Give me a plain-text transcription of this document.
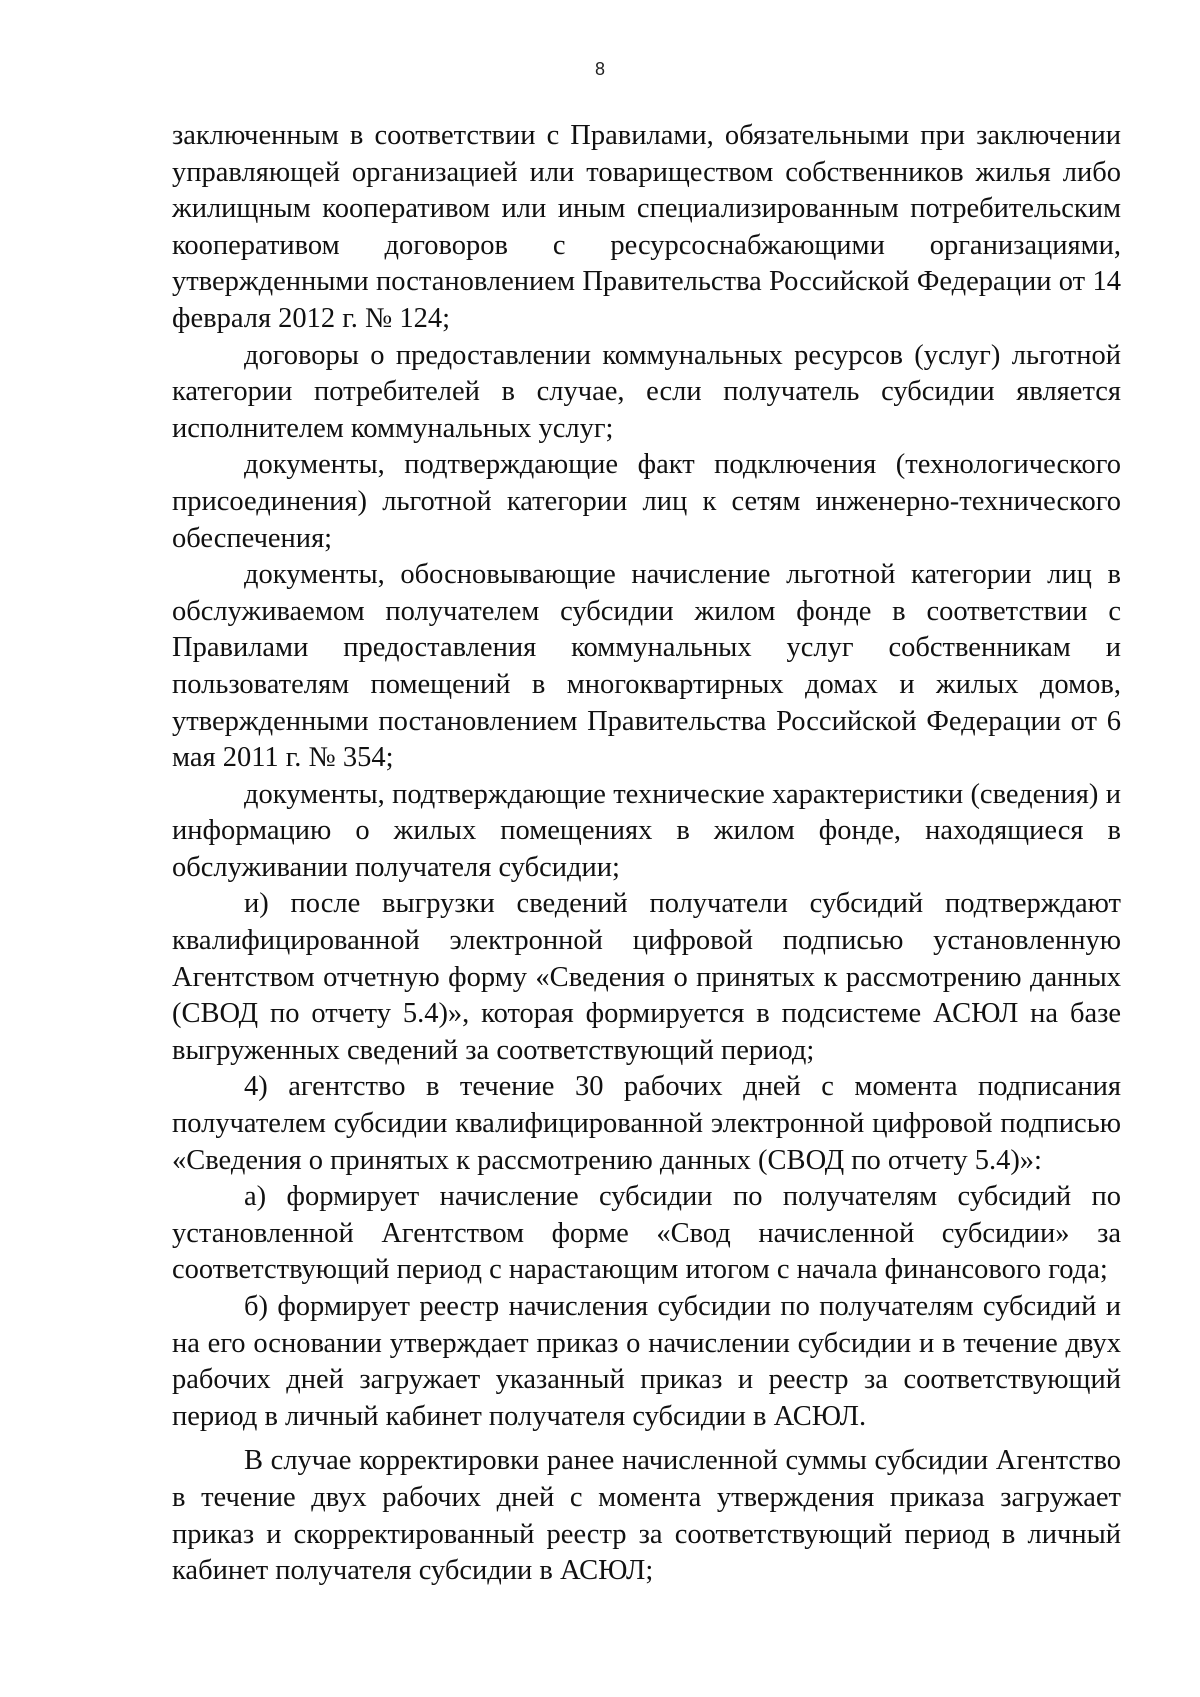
8

заключенным в соответствии с Правилами, обязательными при заключении управляющей организацией или товариществом собственников жилья либо жилищным кооперативом или иным специализированным потребительским кооперативом договоров с ресурсоснабжающими организациями, утвержденными постановлением Правительства Российской Федерации от 14 февраля 2012 г. № 124;

договоры о предоставлении коммунальных ресурсов (услуг) льготной категории потребителей в случае, если получатель субсидии является исполнителем коммунальных услуг;

документы, подтверждающие факт подключения (технологического присоединения) льготной категории лиц к сетям инженерно-технического обеспечения;

документы, обосновывающие начисление льготной категории лиц в обслуживаемом получателем субсидии жилом фонде в соответствии с Правилами предоставления коммунальных услуг собственникам и пользователям помещений в многоквартирных домах и жилых домов, утвержденными постановлением Правительства Российской Федерации от 6 мая 2011 г. № 354;

документы, подтверждающие технические характеристики (сведения) и информацию о жилых помещениях в жилом фонде, находящиеся в обслуживании получателя субсидии;

и) после выгрузки сведений получатели субсидий подтверждают квалифицированной электронной цифровой подписью установленную Агентством отчетную форму «Сведения о принятых к рассмотрению данных (СВОД по отчету 5.4)», которая формируется в подсистеме АСЮЛ на базе выгруженных сведений за соответствующий период;

4) агентство в течение 30 рабочих дней с момента подписания получателем субсидии квалифицированной электронной цифровой подписью «Сведения о принятых к рассмотрению данных (СВОД по отчету 5.4)»:

а) формирует начисление субсидии по получателям субсидий по установленной Агентством форме «Свод начисленной субсидии» за соответствующий период с нарастающим итогом с начала финансового года;

б) формирует реестр начисления субсидии по получателям субсидий и на его основании утверждает приказ о начислении субсидии и в течение двух рабочих дней загружает указанный приказ и реестр за соответствующий период в личный кабинет получателя субсидии в АСЮЛ.

В случае корректировки ранее начисленной суммы субсидии Агентство в течение двух рабочих дней с момента утверждения приказа загружает приказ и скорректированный реестр за соответствующий период в личный кабинет получателя субсидии в АСЮЛ;
